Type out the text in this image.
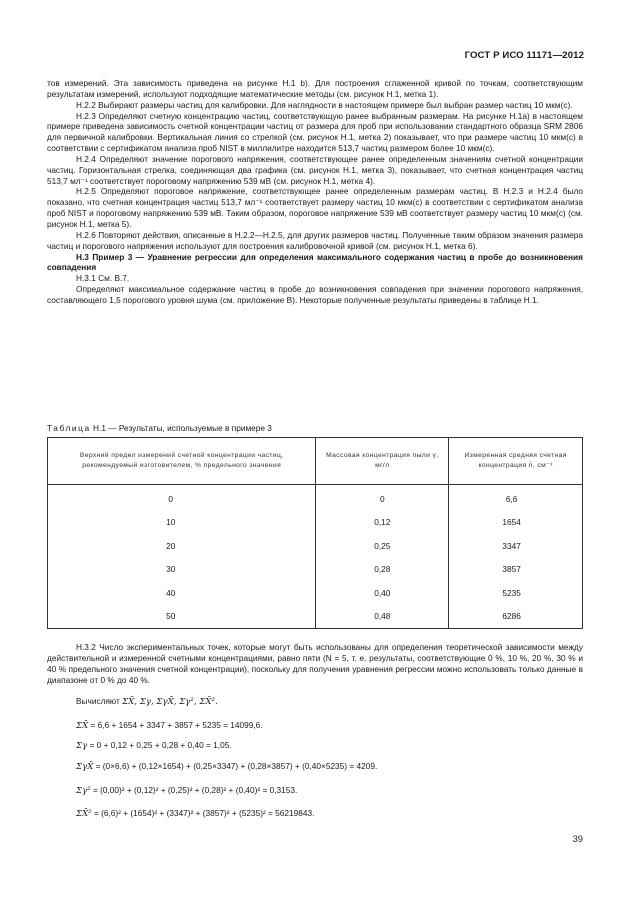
ГОСТ Р ИСО 11171—2012

тов измерений. Эта зависимость приведена на рисунке Н.1 b). Для построения сглаженной кривой по точкам, соответствующим результатам измерений, используют подходящие математические методы (см. рисунок Н.1, метка 1).

Н.2.2 Выбирают размеры частиц для калибровки. Для наглядности в настоящем примере был выбран размер частиц 10 мкм(с).

Н.2.3 Определяют счетную концентрацию частиц, соответствующую ранее выбранным размерам. На рисунке Н.1а) в настоящем примере приведена зависимость счетной концентрации частиц от размера для проб при использовании стандартного образца SRM 2806 для первичной калибровки. Вертикальная линия со стрелкой (см. рисунок Н.1, метка 2) показывает, что при размере частиц 10 мкм(с) в соответствии с сертификатом анализа проб NIST в миллилитре находится 513,7 частиц размером более 10 мкм(с).

Н.2.4 Определяют значение порогового напряжения, соответствующее ранее определенным значениям счетной концентрации частиц. Горизонтальная стрелка, соединяющая два графика (см. рисунок Н.1, метка 3), показывает, что счетная концентрация частиц 513,7 мл⁻¹ соответствует пороговому напряжению 539 мВ (см. рисунок Н.1, метка 4).

Н.2.5 Определяют пороговое напряжение, соответствующее ранее определенным размерам частиц. В Н.2.3 и Н.2.4 было показано, что счетная концентрация частиц 513,7 мл⁻¹ соответствует размеру частиц 10 мкм(с) в соответствии с сертификатом анализа проб NIST и пороговому напряжению 539 мВ. Таким образом, пороговое напряжение 539 мВ соответствует размеру частиц 10 мкм(с) (см. рисунок Н.1, метка 5).

Н.2.6 Повторяют действия, описанные в Н.2.2—Н.2.5, для других размеров частиц. Полученные таким образом значения размера частиц и порогового напряжения используют для построения калибровочной кривой (см. рисунок Н.1, метка 6).

Н.3 Пример 3 — Уравнение регрессии для определения максимального содержания частиц в пробе до возникновения совпадения

Н.3.1 См. В.7.

Определяют максимальное содержание частиц в пробе до возникновения совпадения при значении порогового напряжения, составляющего 1,5 порогового уровня шума (см. приложение В). Некоторые полученные результаты приведены в таблице Н.1.

Таблица Н.1 — Результаты, используемые в примере 3
Верхний предел измерений счетной концентрации частиц, рекомендуемый изготовителем, % предельного значения	Массовая концентрация пыли γ, мг/л	Измеренная средняя счетная концентрация n̄, см⁻³
0	0	6,6
10	0,12	1654
20	0,25	3347
30	0,28	3857
40	0,40	5235
50	0,48	6286

Н.3.2 Число экспериментальных точек, которые могут быть использованы для определения теоретической зависимости между действительной и измеренной счетными концентрациями, равно пяти (N = 5, т. е. результаты, соответствующие 0 %, 10 %, 20 %, 30 % и 40 % предельного значения счетной концентрации), поскольку для получения уравнения регрессии можно использовать только данные в диапазоне от 0 % до 40 %.

Вычисляют ΣX̄, Σγ, ΣγX̄, Σγ², ΣX̄².
ΣX̄ = 6,6 + 1654 + 3347 + 3857 + 5235 = 14099,6.
Σγ = 0 + 0,12 + 0,25 + 0,28 + 0,40 = 1,05.
ΣγX̄ = (0×6,6) + (0,12×1654) + (0,25×3347) + (0,28×3857) + (0,40×5235) = 4209.
Σγ² = (0,00)² + (0,12)² + (0,25)² + (0,28)² + (0,40)² = 0,3153.
ΣX̄² = (6,6)² + (1654)² + (3347)² + (3857)² + (5235)² = 56219843.
39
